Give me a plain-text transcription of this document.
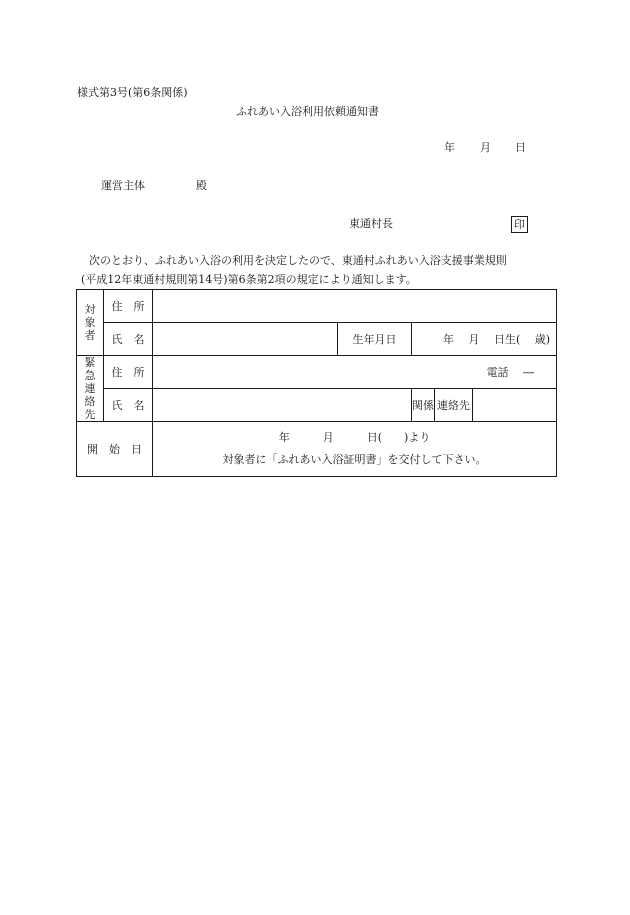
様式第3号(第6条関係)
ふれあい入浴利用依頼通知書
年 月 日
運営主体	殿
東通村長	印
次のとおり、ふれあい入浴の利用を決定したので、東通村ふれあい入浴支援事業規則
(平成12年東通村規則第14号)第6条第2項の規定により通知します。
対
象
者	住　所					
	氏　名		生年月日	年　 月　 日生(　 歳)		

緊
急
連
絡
先	住　所	電話　 ―				
	氏　名			関係	連絡先	
開　始　日		年　　　月　　　日(　　)より
対象者に「ふれあい入浴証明書」を交付して下さい。				
